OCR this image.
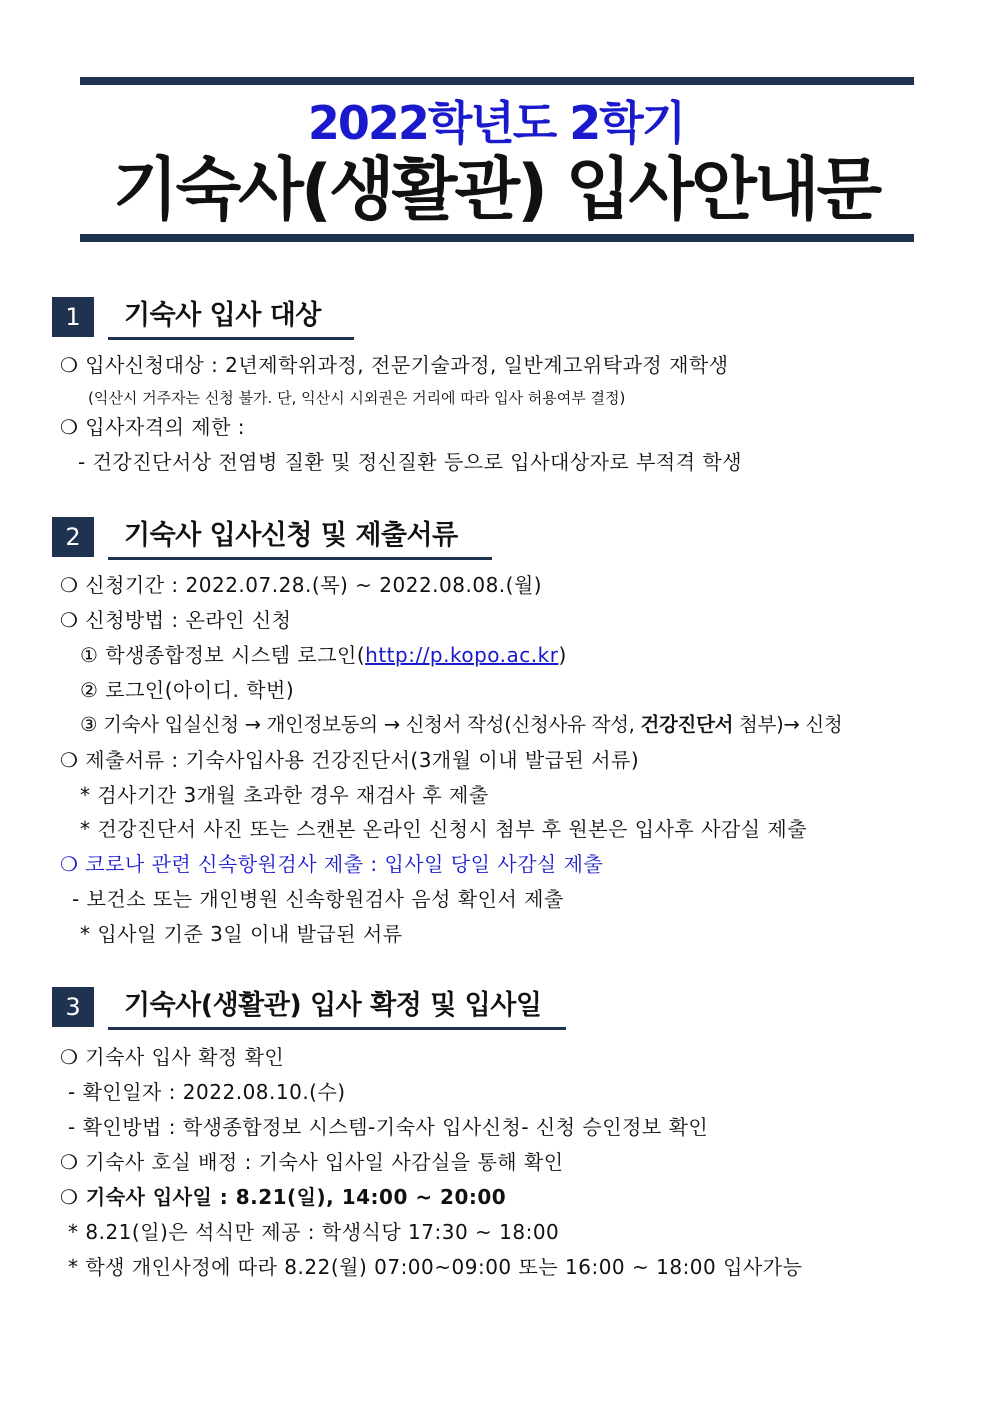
2022학년도 2학기
기숙사(생활관) 입사안내문
1	기숙사 입사 대상
❍ 입사신청대상 : 2년제학위과정, 전문기술과정, 일반계고위탁과정 재학생
(익산시 거주자는 신청 불가. 단, 익산시 시외권은 거리에 따라 입사 허용여부 결정)
❍ 입사자격의 제한 :
- 건강진단서상 전염병 질환 및 정신질환 등으로 입사대상자로 부적격 학생
2	기숙사 입사신청 및 제출서류
❍ 신청기간 : 2022.07.28.(목) ~ 2022.08.08.(월)
❍ 신청방법 : 온라인 신청
① 학생종합정보 시스템 로그인(http://p.kopo.ac.kr)
② 로그인(아이디. 학번)
③ 기숙사 입실신청 → 개인정보동의 → 신청서 작성(신청사유 작성, 건강진단서 첨부)→ 신청
❍ 제출서류 : 기숙사입사용 건강진단서(3개월 이내 발급된 서류)
* 검사기간 3개월 초과한 경우 재검사 후 제출
* 건강진단서 사진 또는 스캔본 온라인 신청시 첨부 후 원본은 입사후 사감실 제출
❍ 코로나 관련 신속항원검사 제출 : 입사일 당일 사감실 제출
- 보건소 또는 개인병원 신속항원검사 음성 확인서 제출
* 입사일 기준 3일 이내 발급된 서류
3	기숙사(생활관) 입사 확정 및 입사일
❍ 기숙사 입사 확정 확인
- 확인일자 : 2022.08.10.(수)
- 확인방법 : 학생종합정보 시스템-기숙사 입사신청- 신청 승인정보 확인
❍ 기숙사 호실 배정 : 기숙사 입사일 사감실을 통해 확인
❍ 기숙사 입사일 : 8.21(일), 14:00 ~ 20:00
* 8.21(일)은 석식만 제공 : 학생식당 17:30 ~ 18:00
* 학생 개인사정에 따라 8.22(월) 07:00~09:00 또는 16:00 ~ 18:00 입사가능
